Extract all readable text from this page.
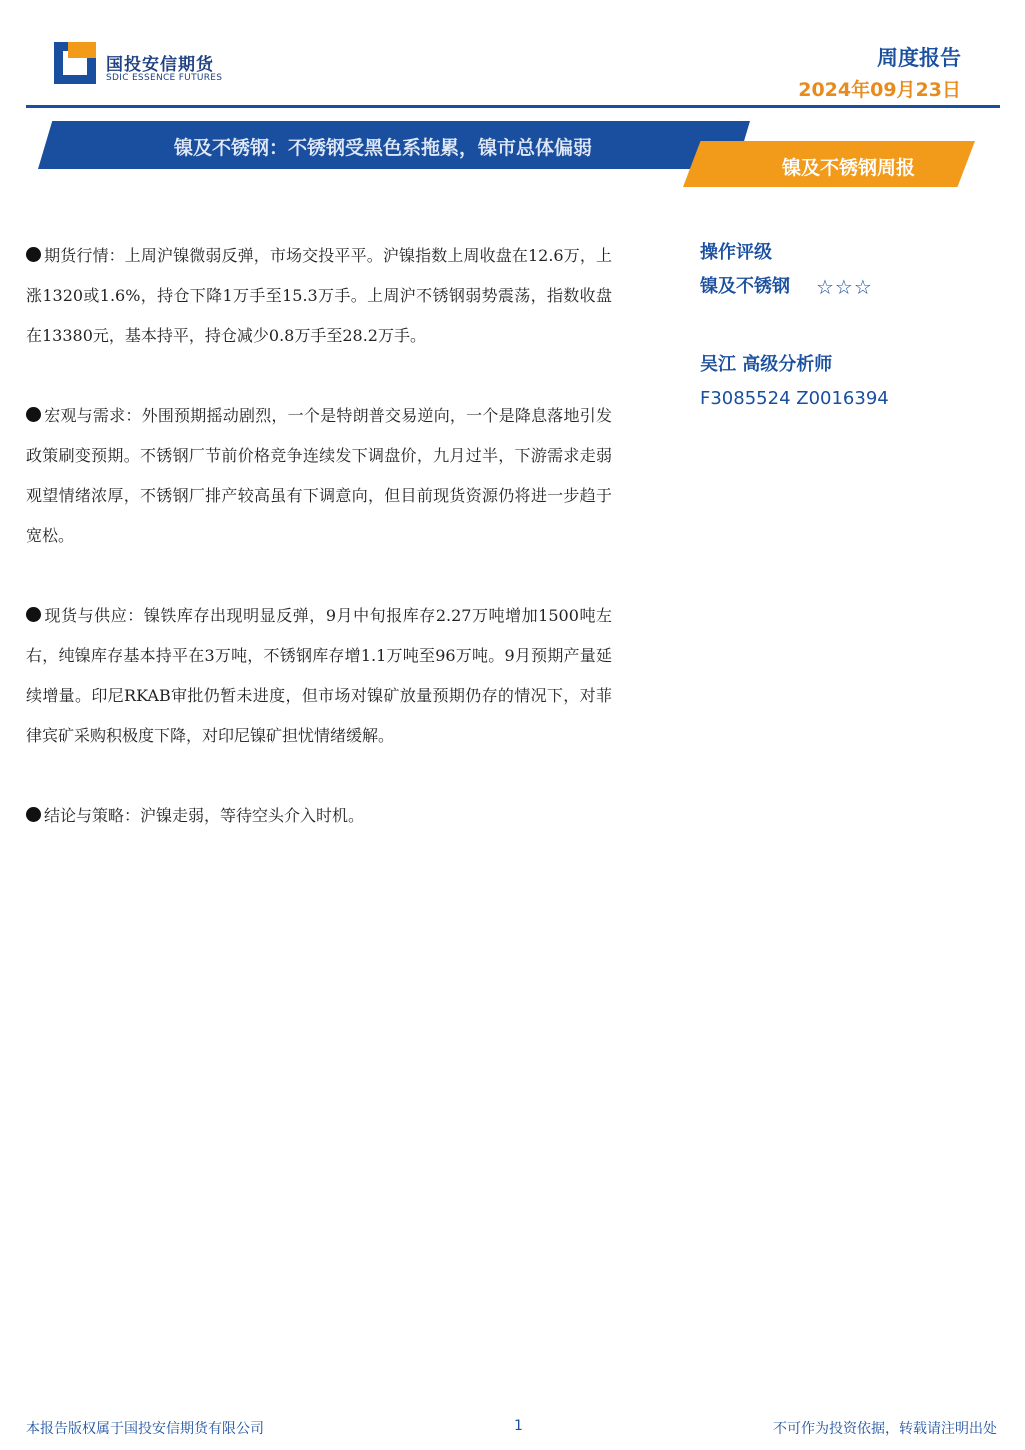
国投安信期货
SDIC ESSENCE FUTURES
周度报告
2024年09月23日
镍及不锈钢：不锈钢受黑色系拖累，镍市总体偏弱
镍及不锈钢周报

期货行情：上周沪镍微弱反弹，市场交投平平。沪镍指数上周收盘在12.6万，上涨1320或1.6%，持仓下降1万手至15.3万手。上周沪不锈钢弱势震荡，指数收盘在13380元，基本持平，持仓减少0.8万手至28.2万手。

宏观与需求：外围预期摇动剧烈，一个是特朗普交易逆向，一个是降息落地引发政策刷变预期。不锈钢厂节前价格竞争连续发下调盘价，九月过半，下游需求走弱观望情绪浓厚，不锈钢厂排产较高虽有下调意向，但目前现货资源仍将进一步趋于宽松。

现货与供应：镍铁库存出现明显反弹，9月中旬报库存2.27万吨增加1500吨左右，纯镍库存基本持平在3万吨，不锈钢库存增1.1万吨至96万吨。9月预期产量延续增量。印尼RKAB审批仍暂未进度，但市场对镍矿放量预期仍存的情况下，对菲律宾矿采购积极度下降，对印尼镍矿担忧情绪缓解。

结论与策略：沪镍走弱，等待空头介入时机。

操作评级
镍及不锈钢 ☆☆☆
吴江 高级分析师
F3085524 Z0016394
本报告版权属于国投安信期货有限公司	1	不可作为投资依据，转载请注明出处
